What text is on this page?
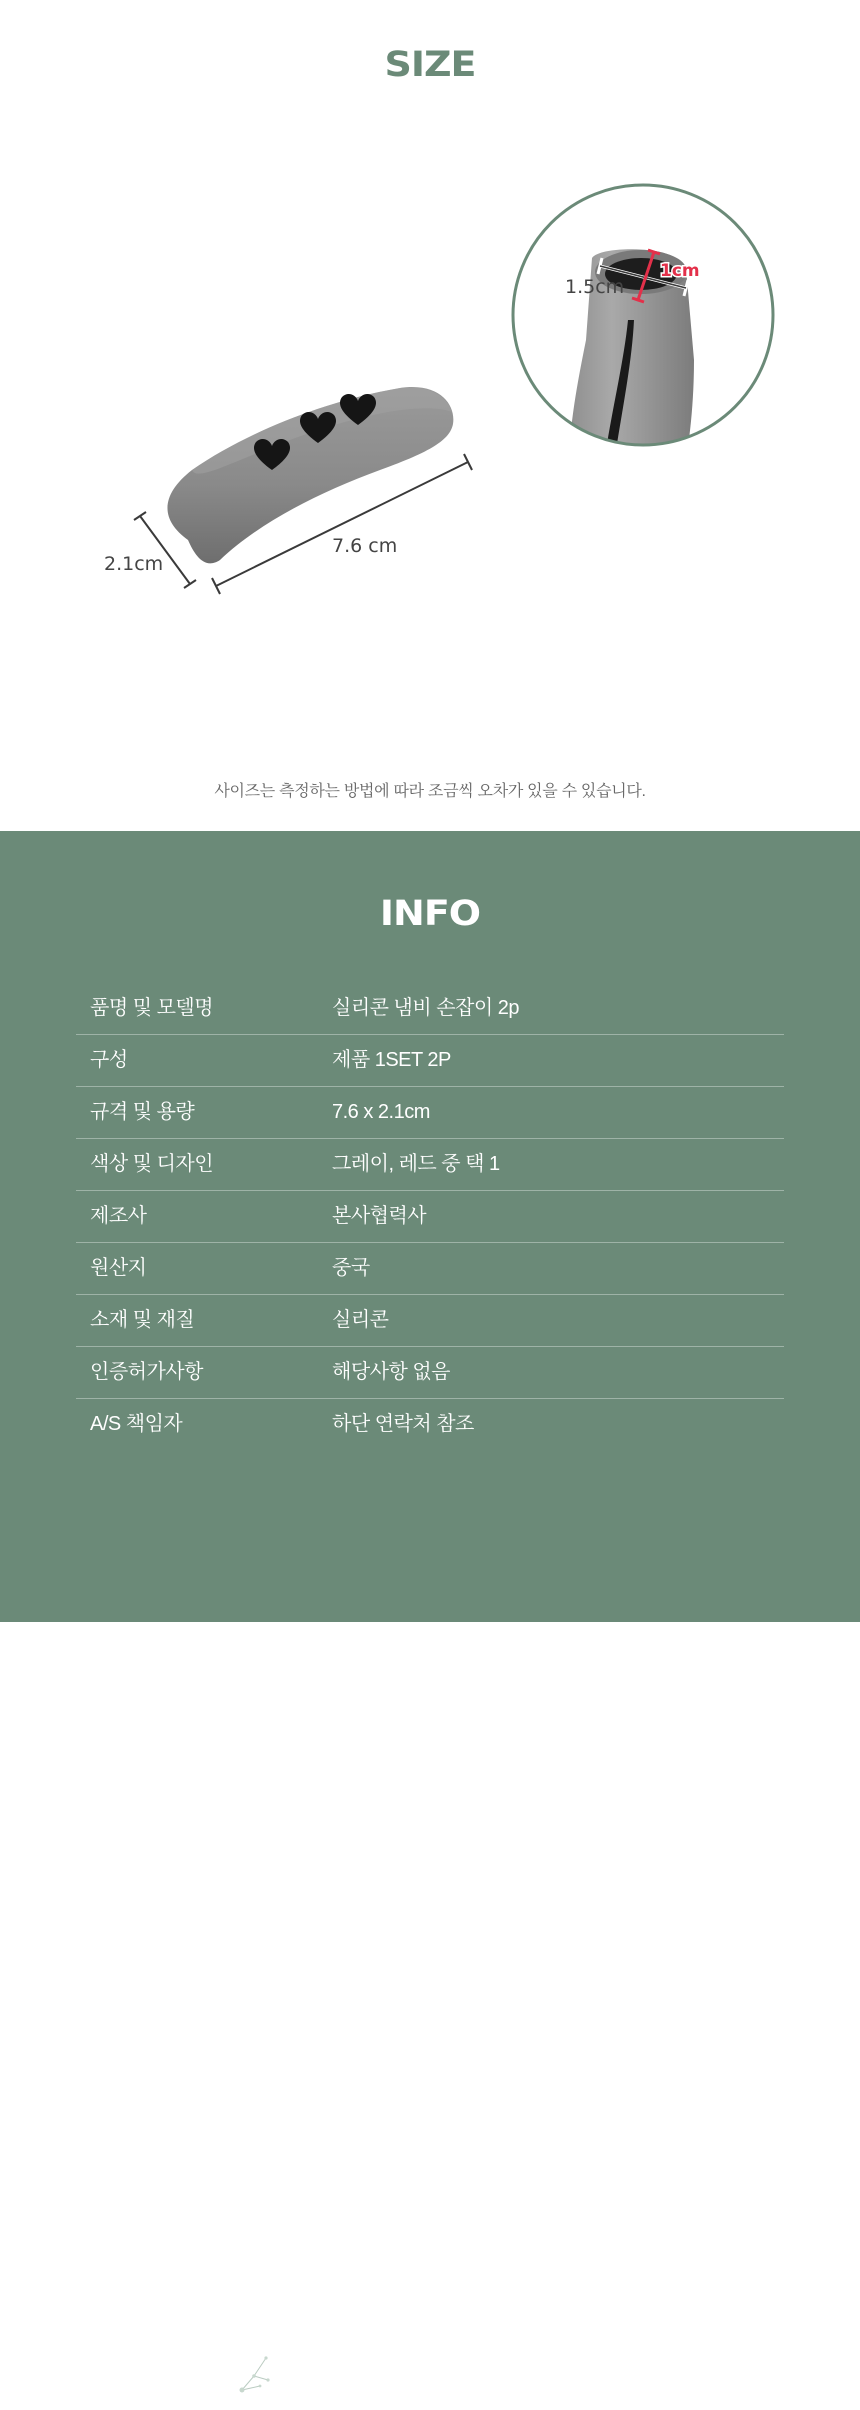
SIZE
2.1cm
7.6 cm
1.5cm
1cm

사이즈는 측정하는 방법에 따라 조금씩 오차가 있을 수 있습니다.

INFO
품명 및 모델명	실리콘 냄비 손잡이 2p
구성	제품 1SET 2P
규격 및 용량	7.6 x 2.1cm
색상 및 디자인	그레이, 레드 중 택 1
제조사	본사협력사
원산지	중국
소재 및 재질	실리콘
인증허가사항	해당사항 없음
A/S 책임자	하단 연락처 참조
Copyright 2024. Upitkorea all rights reserved.
Made by YSJ
